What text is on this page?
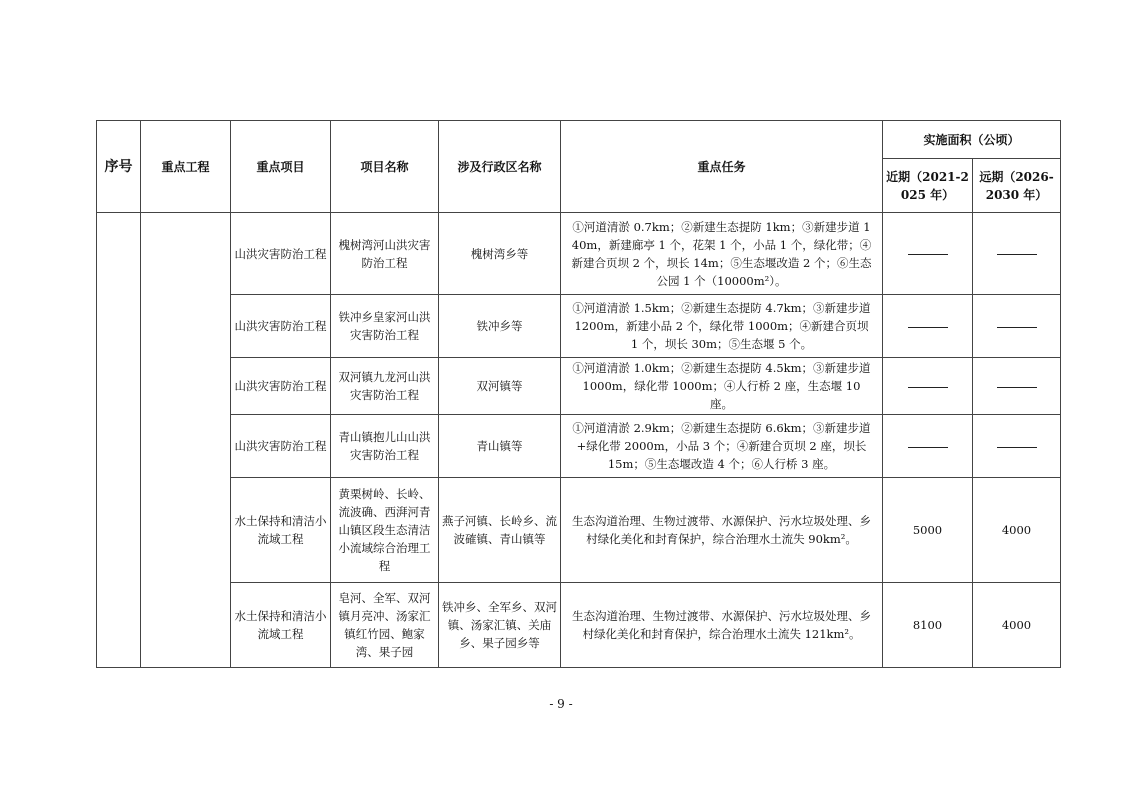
序号	重点工程	重点项目	项目名称	涉及行政区名称	重点任务	实施面积（公顷）	
						近期（2021-2025 年）	远期（2026-2030 年）
		山洪灾害防治工程	槐树湾河山洪灾害防治工程	槐树湾乡等	①河道清淤 0.7km；②新建生态提防 1km；③新建步道 140m，新建廊亭 1 个，花架 1 个，小品 1 个，绿化带；④新建合页坝 2 个，坝长 14m；⑤生态堰改造 2 个；⑥生态公园 1 个（10000m²）。		
		山洪灾害防治工程	铁冲乡皇家河山洪灾害防治工程	铁冲乡等	①河道清淤 1.5km；②新建生态提防 4.7km；③新建步道 1200m，新建小品 2 个，绿化带 1000m；④新建合页坝 1 个，坝长 30m；⑤生态堰 5 个。		
		山洪灾害防治工程	双河镇九龙河山洪灾害防治工程	双河镇等	①河道清淤 1.0km；②新建生态提防 4.5km；③新建步道 1000m，绿化带 1000m；④人行桥 2 座，生态堰 10 座。		
		山洪灾害防治工程	青山镇抱儿山山洪灾害防治工程	青山镇等	①河道清淤 2.9km；②新建生态提防 6.6km；③新建步道+绿化带 2000m，小品 3 个；④新建合页坝 2 座，坝长 15m；⑤生态堰改造 4 个；⑥人行桥 3 座。		
		水土保持和清洁小流域工程	黄栗树岭、长岭、流波确、西湃河青山镇区段生态清洁小流域综合治理工程	燕子河镇、长岭乡、流波確镇、青山镇等	生态沟道治理、生物过渡带、水源保护、污水垃圾处理、乡村绿化美化和封育保护，综合治理水土流失 90km²。	5000	4000
		水土保持和清洁小流域工程	皂河、全军、双河镇月亮冲、汤家汇镇红竹园、鲍家湾、果子园	铁冲乡、全军乡、双河镇、汤家汇镇、关庙乡、果子园乡等	生态沟道治理、生物过渡带、水源保护、污水垃圾处理、乡村绿化美化和封育保护，综合治理水土流失 121km²。	8100	4000
- 9 -
